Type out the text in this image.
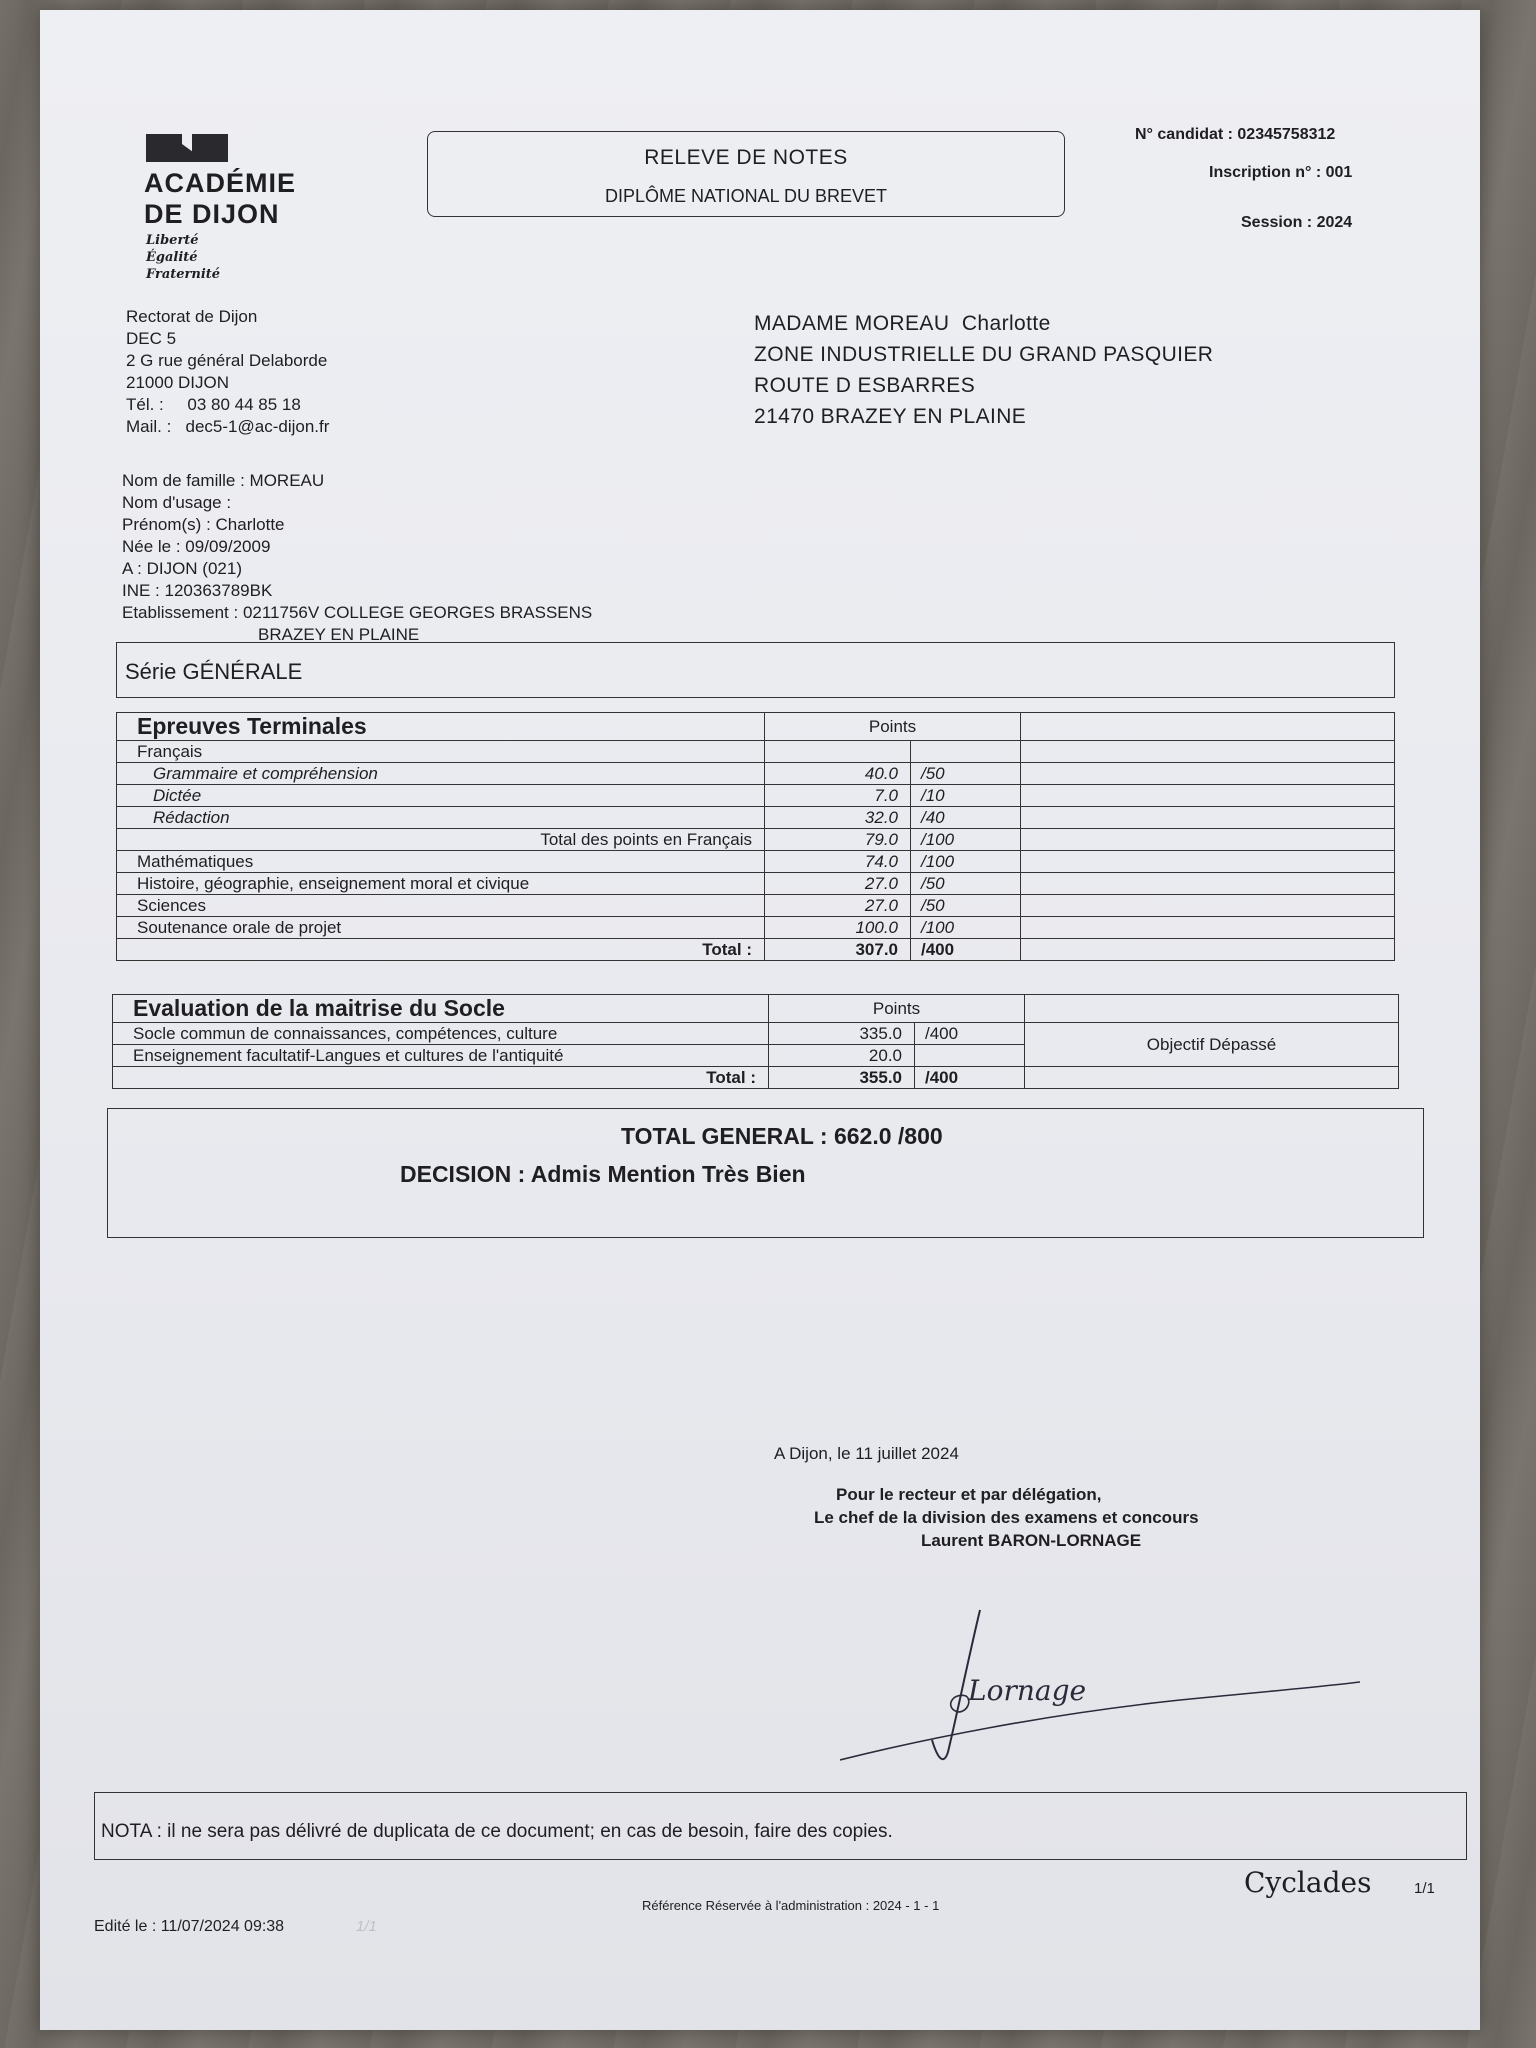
ACADÉMIE
DE DIJON
Liberté
Égalité
Fraternité
RELEVE DE NOTES
DIPLÔME NATIONAL DU BREVET
N° candidat : 02345758312
Inscription n° : 001
Session : 2024
Rectorat de Dijon
DEC 5
2 G rue général Delaborde
21000 DIJON
Tél. :     03 80 44 85 18
Mail. :   dec5-1@ac-dijon.fr
MADAME MOREAU  Charlotte
ZONE INDUSTRIELLE DU GRAND PASQUIER
ROUTE D ESBARRES
21470 BRAZEY EN PLAINE
Nom de famille : MOREAU
Nom d'usage :
Prénom(s) : Charlotte
Née le : 09/09/2009
A : DIJON (021)
INE : 120363789BK
Etablissement : 0211756V COLLEGE GEORGES BRASSENS
BRAZEY EN PLAINE
Série GÉNÉRALE
Epreuves Terminales	Points		
Français			
Grammaire et compréhension	40.0	/50	
Dictée	7.0	/10	
Rédaction	32.0	/40	
Total des points en Français	79.0	/100	
Mathématiques	74.0	/100	
Histoire, géographie, enseignement moral et civique	27.0	/50	
Sciences	27.0	/50	
Soutenance orale de projet	100.0	/100	
Total :	307.0	/400	
Evaluation de la maitrise du Socle	Points		
Socle commun de connaissances, compétences, culture	335.0	/400	Objectif Dépassé
Enseignement facultatif-Langues et cultures de l'antiquité	20.0		
Total :	355.0	/400	
TOTAL GENERAL : 662.0 /800
DECISION : Admis Mention Très Bien
A Dijon, le 11 juillet 2024
Pour le recteur et par délégation,
Le chef de la division des examens et concours
Laurent BARON-LORNAGE
Lornage
NOTA : il ne sera pas délivré de duplicata de ce document; en cas de besoin, faire des copies.
Edité le : 11/07/2024 09:38	1/1
Référence Réservée à l'administration : 2024 - 1 - 1
Cyclades	1/1
